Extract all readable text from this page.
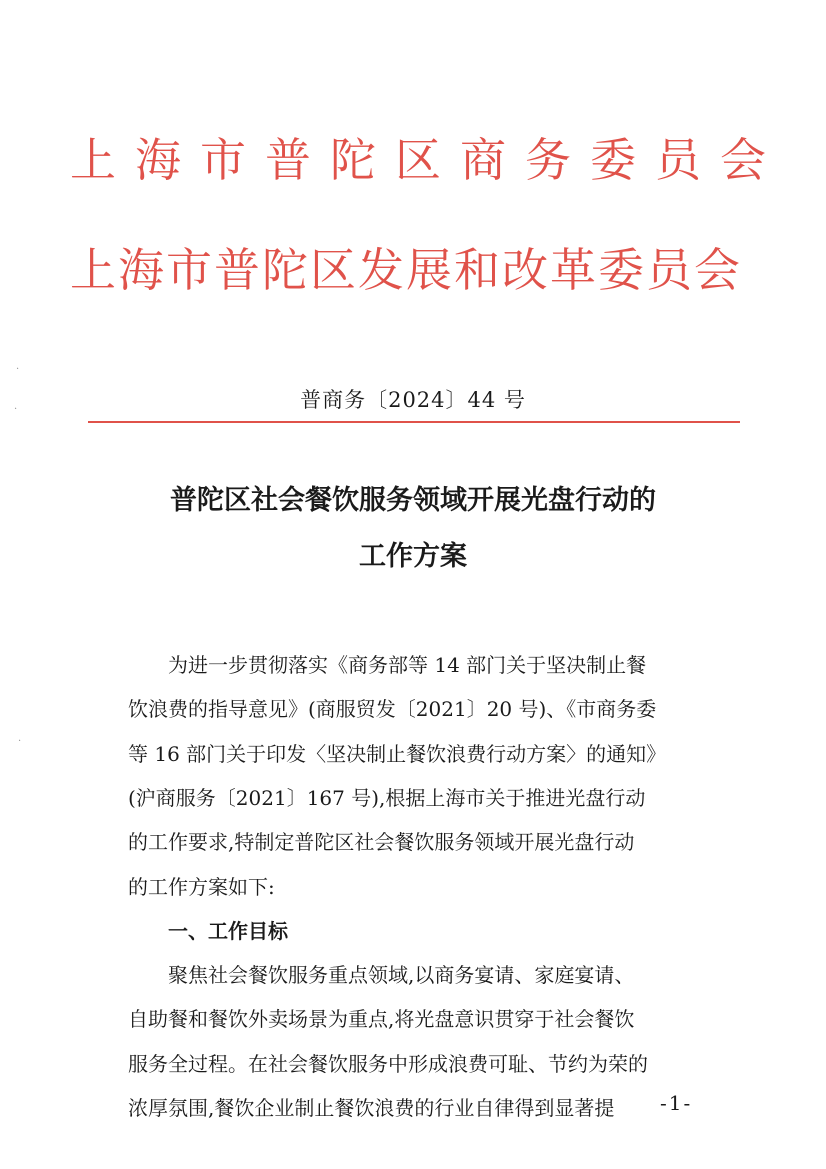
上海市普陀区商务委员会
上海市普陀区发展和改革委员会
·
·
·
普商务〔2024〕44 号
普陀区社会餐饮服务领域开展光盘行动的
工作方案
为进一步贯彻落实《商务部等 14 部门关于坚决制止餐
饮浪费的指导意见》(商服贸发〔2021〕20 号)、《市商务委
等 16 部门关于印发〈坚决制止餐饮浪费行动方案〉的通知》
(沪商服务〔2021〕167 号),根据上海市关于推进光盘行动
的工作要求,特制定普陀区社会餐饮服务领域开展光盘行动
的工作方案如下:
一、工作目标
聚焦社会餐饮服务重点领域,以商务宴请、家庭宴请、
自助餐和餐饮外卖场景为重点,将光盘意识贯穿于社会餐饮
服务全过程。在社会餐饮服务中形成浪费可耻、节约为荣的
浓厚氛围,餐饮企业制止餐饮浪费的行业自律得到显著提 -1-
